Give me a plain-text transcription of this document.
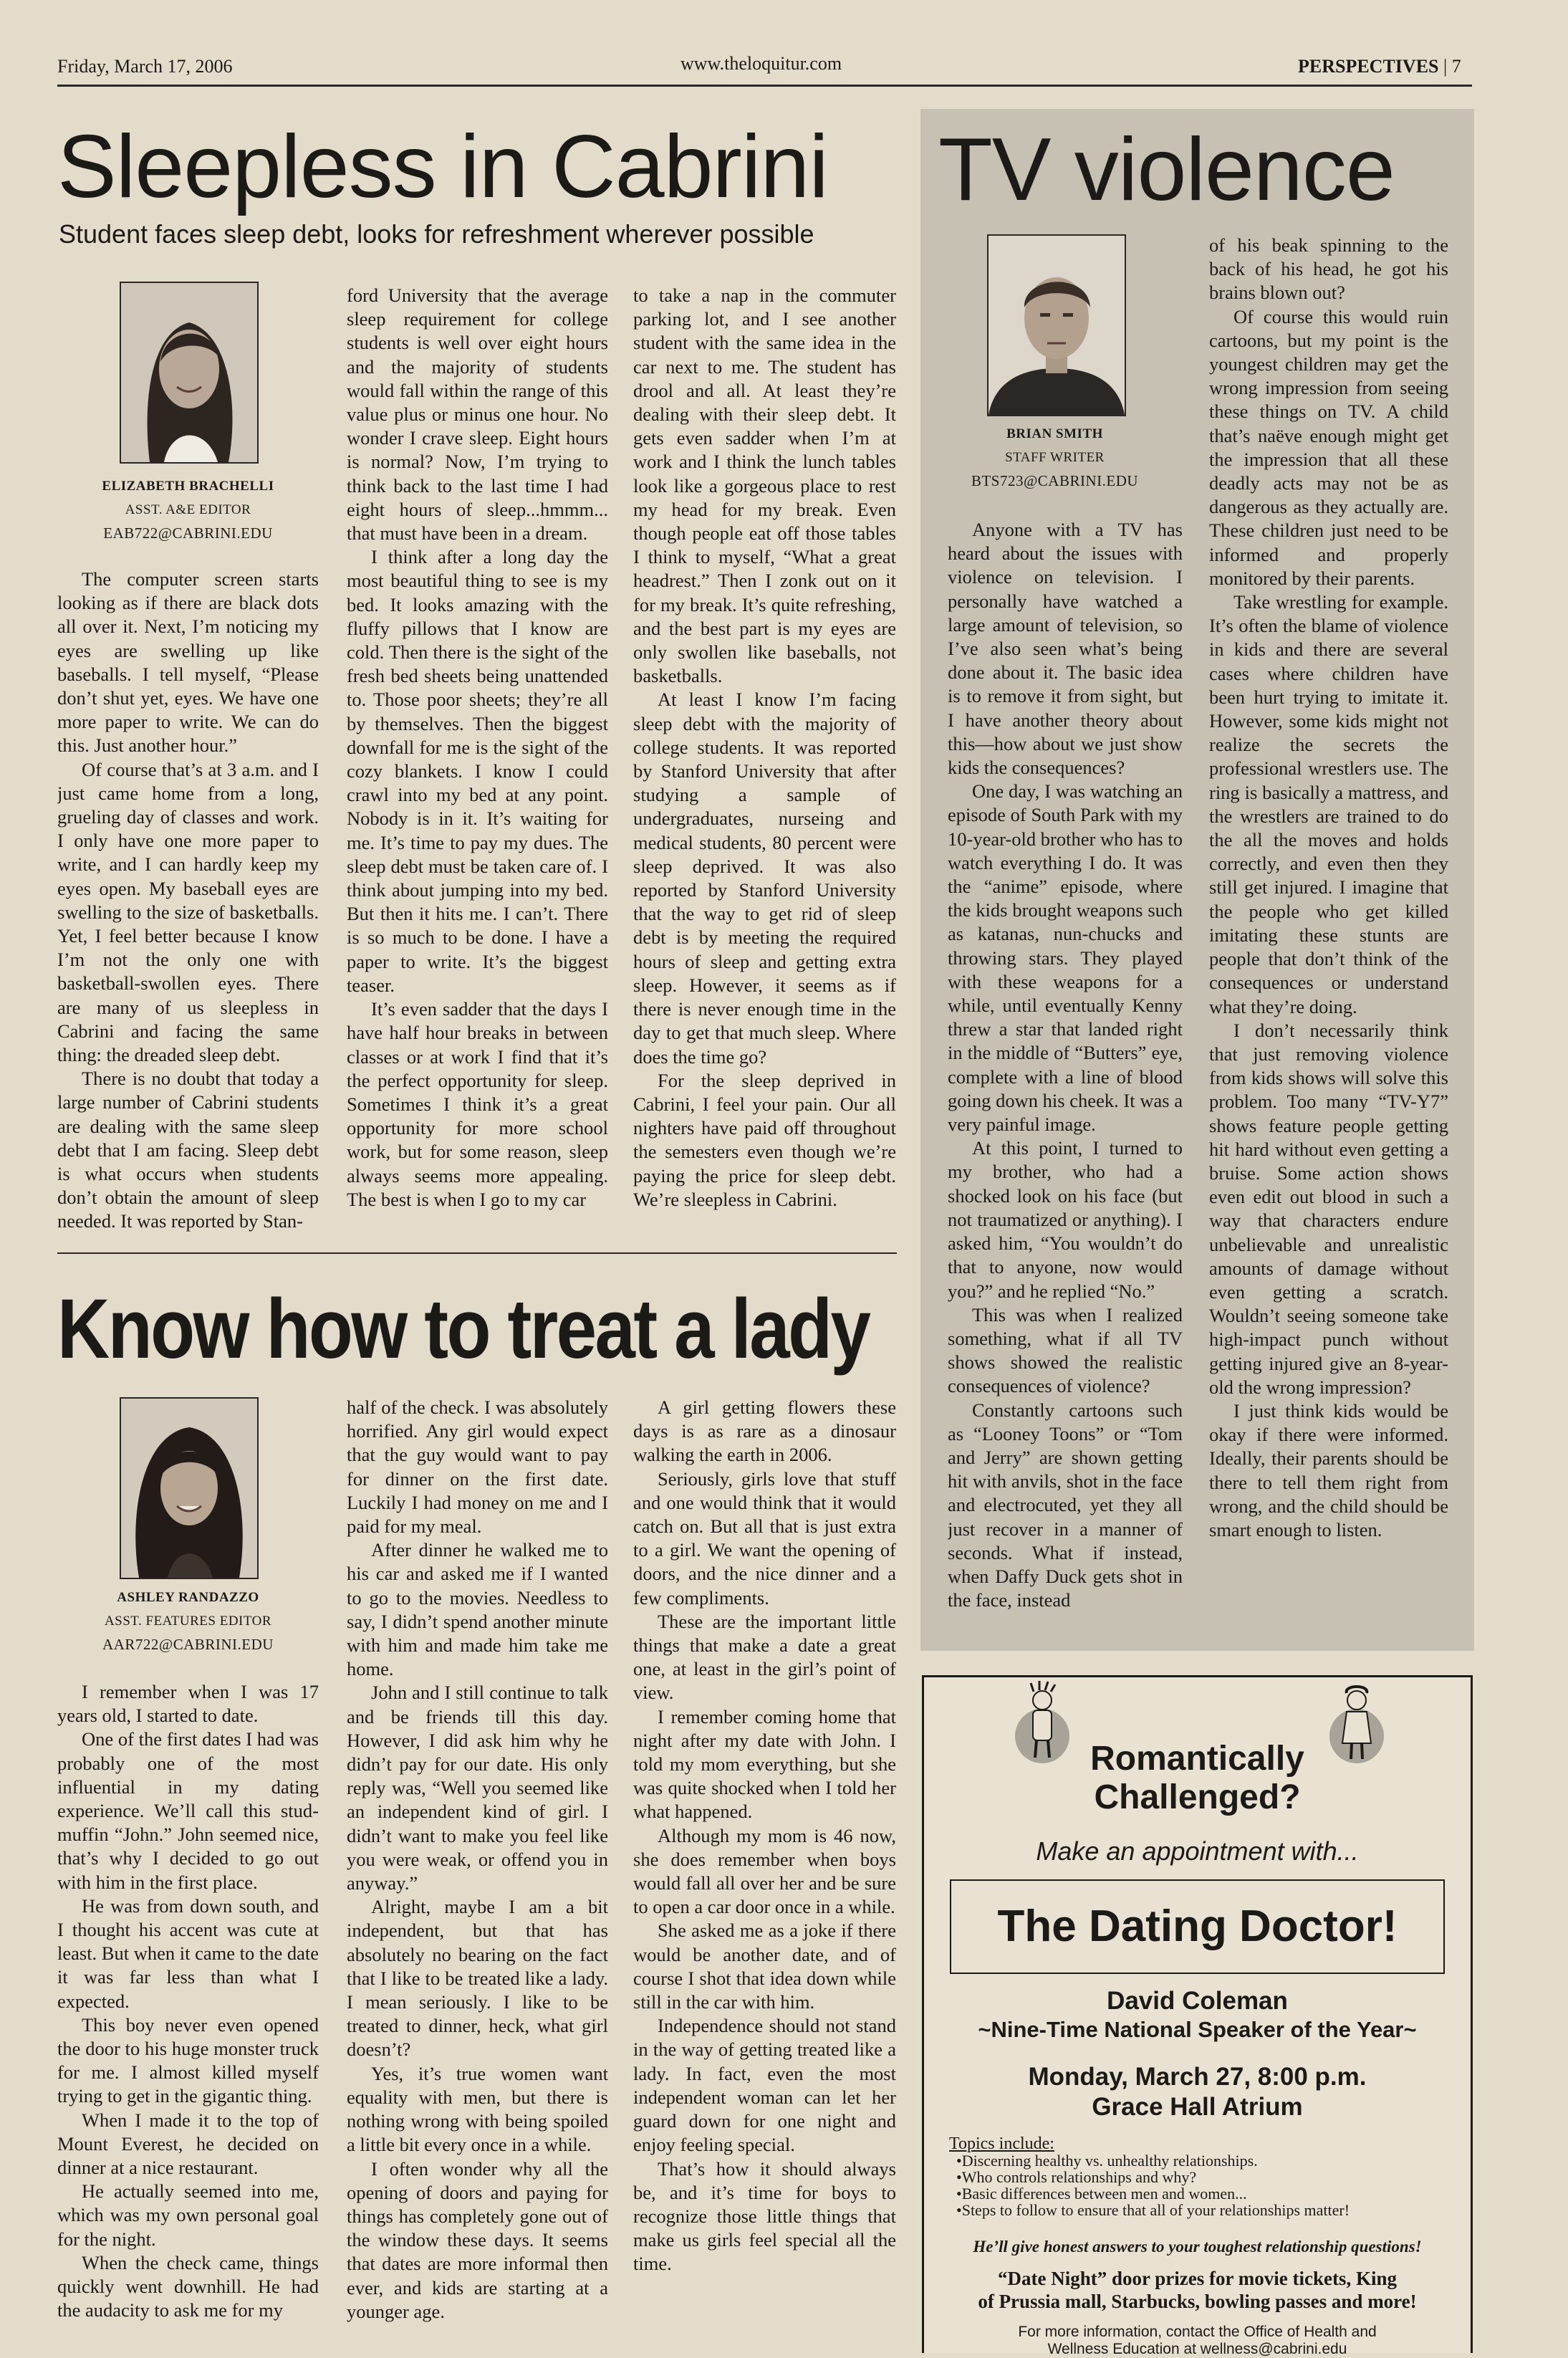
Friday, March 17, 2006	www.theloquitur.com	PERSPECTIVES | 7
Sleepless in Cabrini
Student faces sleep debt, looks for refreshment wherever possible
ELIZABETH BRACHELLI
ASST. A&E EDITOR
EAB722@CABRINI.EDU

The computer screen starts looking as if there are black dots all over it. Next, I’m noticing my eyes are swelling up like baseballs. I tell myself, “Please don’t shut yet, eyes. We have one more paper to write. We can do this. Just another hour.”

Of course that’s at 3 a.m. and I just came home from a long, grueling day of classes and work. I only have one more paper to write, and I can hardly keep my eyes open. My baseball eyes are swelling to the size of basketballs. Yet, I feel better because I know I’m not the only one with basketball-swollen eyes. There are many of us sleepless in Cabrini and facing the same thing: the dreaded sleep debt.

There is no doubt that today a large number of Cabrini students are dealing with the same sleep debt that I am facing. Sleep debt is what occurs when students don’t obtain the amount of sleep needed. It was reported by Stan-

ford University that the average sleep requirement for college students is well over eight hours and the majority of students would fall within the range of this value plus or minus one hour. No wonder I crave sleep. Eight hours is normal? Now, I’m trying to think back to the last time I had eight hours of sleep...hmmm... that must have been in a dream.

I think after a long day the most beautiful thing to see is my bed. It looks amazing with the fluffy pillows that I know are cold. Then there is the sight of the fresh bed sheets being unattended to. Those poor sheets; they’re all by themselves. Then the biggest downfall for me is the sight of the cozy blankets. I know I could crawl into my bed at any point. Nobody is in it. It’s waiting for me. It’s time to pay my dues. The sleep debt must be taken care of. I think about jumping into my bed. But then it hits me. I can’t. There is so much to be done. I have a paper to write. It’s the biggest teaser.

It’s even sadder that the days I have half hour breaks in between classes or at work I find that it’s the perfect opportunity for sleep. Sometimes I think it’s a great opportunity for more school work, but for some reason, sleep always seems more appealing. The best is when I go to my car

to take a nap in the commuter parking lot, and I see another student with the same idea in the car next to me. The student has drool and all. At least they’re dealing with their sleep debt. It gets even sadder when I’m at work and I think the lunch tables look like a gorgeous place to rest my head for my break. Even though people eat off those tables I think to myself, “What a great headrest.” Then I zonk out on it for my break. It’s quite refreshing, and the best part is my eyes are only swollen like baseballs, not basketballs.

At least I know I’m facing sleep debt with the majority of college students. It was reported by Stanford University that after studying a sample of undergraduates, nurseing and medical students, 80 percent were sleep deprived. It was also reported by Stanford University that the way to get rid of sleep debt is by meeting the required hours of sleep and getting extra sleep. However, it seems as if there is never enough time in the day to get that much sleep. Where does the time go?

For the sleep deprived in Cabrini, I feel your pain. Our all nighters have paid off throughout the semesters even though we’re paying the price for sleep debt. We’re sleepless in Cabrini.

Know how to treat a lady
ASHLEY RANDAZZO
ASST. FEATURES EDITOR
AAR722@CABRINI.EDU

I remember when I was 17 years old, I started to date.

One of the first dates I had was probably one of the most influential in my dating experience. We’ll call this stud-muffin “John.” John seemed nice, that’s why I decided to go out with him in the first place.

He was from down south, and I thought his accent was cute at least. But when it came to the date it was far less than what I expected.

This boy never even opened the door to his huge monster truck for me. I almost killed myself trying to get in the gigantic thing.

When I made it to the top of Mount Everest, he decided on dinner at a nice restaurant.

He actually seemed into me, which was my own personal goal for the night.

When the check came, things quickly went downhill. He had the audacity to ask me for my

half of the check. I was absolutely horrified. Any girl would expect that the guy would want to pay for dinner on the first date. Luckily I had money on me and I paid for my meal.

After dinner he walked me to his car and asked me if I wanted to go to the movies. Needless to say, I didn’t spend another minute with him and made him take me home.

John and I still continue to talk and be friends till this day. However, I did ask him why he didn’t pay for our date. His only reply was, “Well you seemed like an independent kind of girl. I didn’t want to make you feel like you were weak, or offend you in anyway.”

Alright, maybe I am a bit independent, but that has absolutely no bearing on the fact that I like to be treated like a lady. I mean seriously. I like to be treated to dinner, heck, what girl doesn’t?

Yes, it’s true women want equality with men, but there is nothing wrong with being spoiled a little bit every once in a while.

I often wonder why all the opening of doors and paying for things has completely gone out of the window these days. It seems that dates are more informal then ever, and kids are starting at a younger age.

A girl getting flowers these days is as rare as a dinosaur walking the earth in 2006.

Seriously, girls love that stuff and one would think that it would catch on. But all that is just extra to a girl. We want the opening of doors, and the nice dinner and a few compliments.

These are the important little things that make a date a great one, at least in the girl’s point of view.

I remember coming home that night after my date with John. I told my mom everything, but she was quite shocked when I told her what happened.

Although my mom is 46 now, she does remember when boys would fall all over her and be sure to open a car door once in a while.

She asked me as a joke if there would be another date, and of course I shot that idea down while still in the car with him.

Independence should not stand in the way of getting treated like a lady. In fact, even the most independent woman can let her guard down for one night and enjoy feeling special.

That’s how it should always be, and it’s time for boys to recognize those little things that make us girls feel special all the time.

TV violence
BRIAN SMITH
STAFF WRITER
BTS723@CABRINI.EDU

Anyone with a TV has heard about the issues with violence on television. I personally have watched a large amount of television, so I’ve also seen what’s being done about it. The basic idea is to remove it from sight, but I have another theory about this—how about we just show kids the consequences?

One day, I was watching an episode of South Park with my 10-year-old brother who has to watch everything I do. It was the “anime” episode, where the kids brought weapons such as katanas, nun-chucks and throwing stars. They played with these weapons for a while, until eventually Kenny threw a star that landed right in the middle of “Butters” eye, complete with a line of blood going down his cheek. It was a very painful image.

At this point, I turned to my brother, who had a shocked look on his face (but not traumatized or anything). I asked him, “You wouldn’t do that to anyone, now would you?” and he replied “No.”

This was when I realized something, what if all TV shows showed the realistic consequences of violence?

Constantly cartoons such as “Looney Toons” or “Tom and Jerry” are shown getting hit with anvils, shot in the face and electrocuted, yet they all just recover in a manner of seconds. What if instead, when Daffy Duck gets shot in the face, instead

of his beak spinning to the back of his head, he got his brains blown out?

Of course this would ruin cartoons, but my point is the youngest children may get the wrong impression from seeing these things on TV. A child that’s naëve enough might get the impression that all these deadly acts may not be as dangerous as they actually are. These children just need to be informed and properly monitored by their parents.

Take wrestling for example. It’s often the blame of violence in kids and there are several cases where children have been hurt trying to imitate it. However, some kids might not realize the secrets the professional wrestlers use. The ring is basically a mattress, and the wrestlers are trained to do the all the moves and holds correctly, and even then they still get injured. I imagine that the people who get killed imitating these stunts are people that don’t think of the consequences or understand what they’re doing.

I don’t necessarily think that just removing violence from kids shows will solve this problem. Too many “TV-Y7” shows feature people getting hit hard without even getting a bruise. Some action shows even edit out blood in such a way that characters endure unbelievable and unrealistic amounts of damage without even getting a scratch. Wouldn’t seeing someone take high-impact punch without getting injured give an 8-year-old the wrong impression?

I just think kids would be okay if there were informed. Ideally, their parents should be there to tell them right from wrong, and the child should be smart enough to listen.

Romantically
Challenged?
Make an appointment with...
The Dating Doctor!
David Coleman
~Nine-Time National Speaker of the Year~
Monday, March 27, 8:00 p.m.
Grace Hall Atrium
Topics include:
•Discerning healthy vs. unhealthy relationships.
•Who controls relationships and why?
•Basic differences between men and women...
•Steps to follow to ensure that all of your relationships matter!
He’ll give honest answers to your toughest relationship questions!
“Date Night” door prizes for movie tickets, King
of Prussia mall, Starbucks, bowling passes and more!
For more information, contact the Office of Health and
Wellness Education at wellness@cabrini.edu
